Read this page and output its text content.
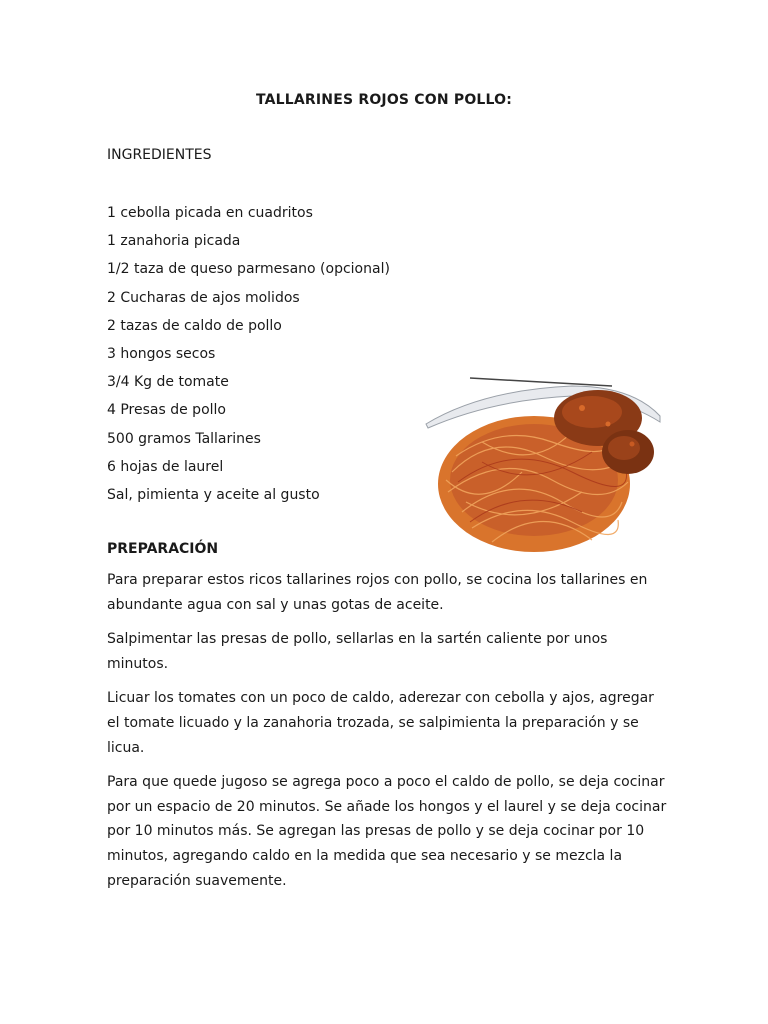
TALLARINES ROJOS CON POLLO:
INGREDIENTES
1 cebolla picada en cuadritos
1 zanahoria picada
1/2 taza de queso parmesano (opcional)
2 Cucharas de ajos molidos
2 tazas de caldo de pollo
3 hongos secos
3/4 Kg de tomate
4 Presas de pollo
500 gramos Tallarines
6 hojas de laurel
Sal, pimienta y aceite al gusto
PREPARACIÓN

Para preparar estos ricos tallarines rojos con pollo, se cocina los tallarines en abundante agua con sal y unas gotas de aceite.

Salpimentar las presas de pollo, sellarlas en la sartén caliente por unos minutos.

Licuar los tomates con un poco de caldo, aderezar con cebolla y ajos, agregar el tomate licuado y la zanahoria trozada, se salpimienta la preparación y se licua.

Para que quede jugoso se agrega poco a poco el caldo de pollo, se deja cocinar por un espacio de 20 minutos. Se añade los hongos y el laurel y se deja cocinar por 10 minutos más. Se agregan las presas de pollo y se deja cocinar por 10 minutos, agregando caldo en la medida que sea necesario y se mezcla la preparación suavemente.
